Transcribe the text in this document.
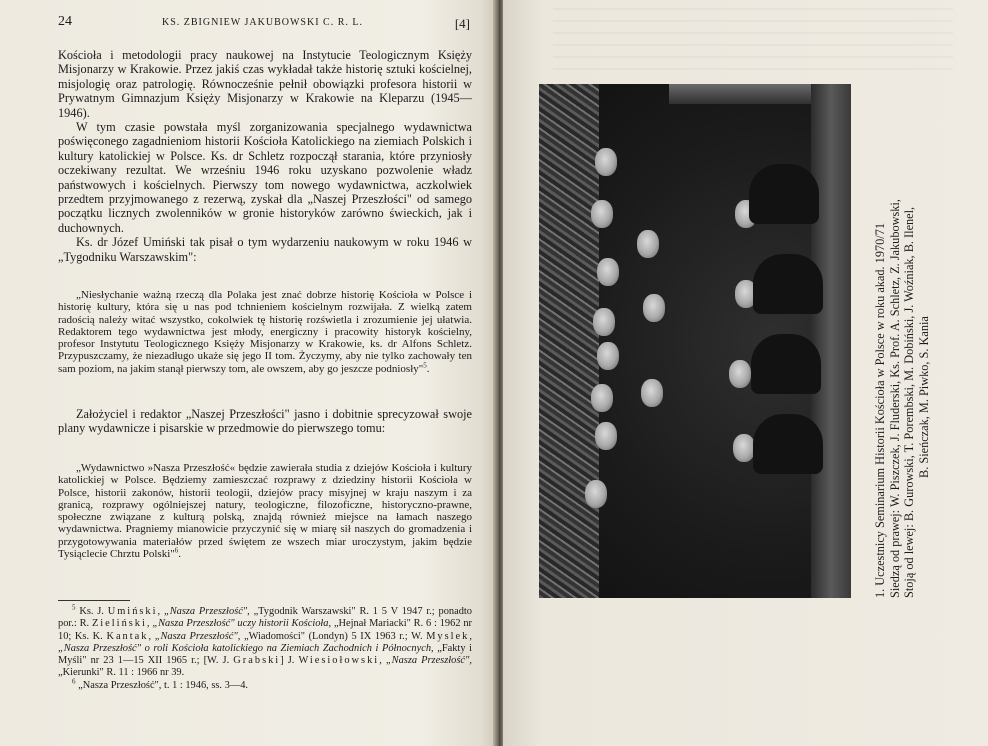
24	KS. ZBIGNIEW JAKUBOWSKI C. R. L.	[4]

Kościoła i metodologii pracy naukowej na Instytucie Teologicznym Księży Misjonarzy w Krakowie. Przez jakiś czas wykładał także historię sztuki kościelnej, misjologię oraz patrologię. Równocześnie pełnił obowiązki profesora historii w Prywatnym Gimnazjum Księży Misjonarzy w Krakowie na Kleparzu (1945—1946).

W tym czasie powstała myśl zorganizowania specjalnego wydawnictwa poświęconego zagadnieniom historii Kościoła Katolickiego na ziemiach Polskich i kultury katolickiej w Polsce. Ks. dr Schletz rozpoczął starania, które przyniosły oczekiwany rezultat. We wrześniu 1946 roku uzyskano pozwolenie władz państwowych i kościelnych. Pierwszy tom nowego wydawnictwa, aczkolwiek przedtem przyjmowanego z rezerwą, zyskał dla „Naszej Przeszłości" od samego początku licznych zwolenników w gronie historyków zarówno świeckich, jak i duchownych.

Ks. dr Józef Umiński tak pisał o tym wydarzeniu naukowym w roku 1946 w „Tygodniku Warszawskim":

„Niesłychanie ważną rzeczą dla Polaka jest znać dobrze historię Kościoła w Polsce i historię kultury, która się u nas pod tchnieniem kościelnym rozwijała. Z wielką zatem radością należy witać wszystko, cokolwiek tę historię rozświetla i zrozumienie jej ułatwia. Redaktorem tego wydawnictwa jest młody, energiczny i pracowity historyk kościelny, profesor Instytutu Teologicznego Księży Misjonarzy w Krakowie, ks. dr Alfons Schletz. Przypuszczamy, że niezadługo ukaże się jego II tom. Życzymy, aby nie tylko zachowały ten sam poziom, na jakim stanął pierwszy tom, ale owszem, aby go jeszcze podniosły"$^5$.

Założyciel i redaktor „Naszej Przeszłości" jasno i dobitnie sprecyzował swoje plany wydawnicze i pisarskie w przedmowie do pierwszego tomu:

„Wydawnictwo »Nasza Przeszłość« będzie zawierała studia z dziejów Kościoła i kultury katolickiej w Polsce. Będziemy zamieszczać rozprawy z dziedziny historii Kościoła w Polsce, historii zakonów, historii teologii, dziejów pracy misyjnej w kraju naszym i za granicą, rozprawy ogólniejszej natury, teologiczne, filozoficzne, historyczno-prawne, społeczne związane z kulturą polską, znajdą również miejsce na łamach naszego wydawnictwa. Pragniemy mianowicie przyczynić się w miarę sił naszych do gromadzenia i przygotowywania materiałów przed świętem ze wszech miar uroczystym, jakim będzie Tysiąclecie Chrztu Polski"$^6$.

$^5$ Ks. J. Umiński, „Nasza Przeszłość", „Tygodnik Warszawski" R. 1 5 V 1947 r.; ponadto por.: R. Zieliński, „Nasza Przeszłość" uczy historii Kościoła, „Hejnał Mariacki" R. 6 : 1962 nr 10; Ks. K. Kantak, „Nasza Przeszłość", „Wiadomości" (Londyn) 5 IX 1963 r.; W. Myslek, „Nasza Przeszłość" o roli Kościoła katolickiego na Ziemiach Zachodnich i Północnych, „Fakty i Myśli" nr 23 1—15 XII 1965 r.; [W. J. Grabski] J. Wiesiołowski, „Nasza Przeszłość", „Kierunki" R. 11 : 1966 nr 39.

$^6$ „Nasza Przeszłość", t. 1 : 1946, ss. 3—4.

1. Uczestnicy Seminarium Historii Kościoła w Polsce w roku akad. 1970/71 Siedzą od prawej: W. Piszczek, J. Fluderski, Ks. Prof. A. Schletz, Z. Jakubowski, Stoją od lewej: B. Gurowski, T. Porembski, M. Dobiński, J. Woźniak, B. Ilenel, B. Sieńczak, M. Piwko, S. Kania
